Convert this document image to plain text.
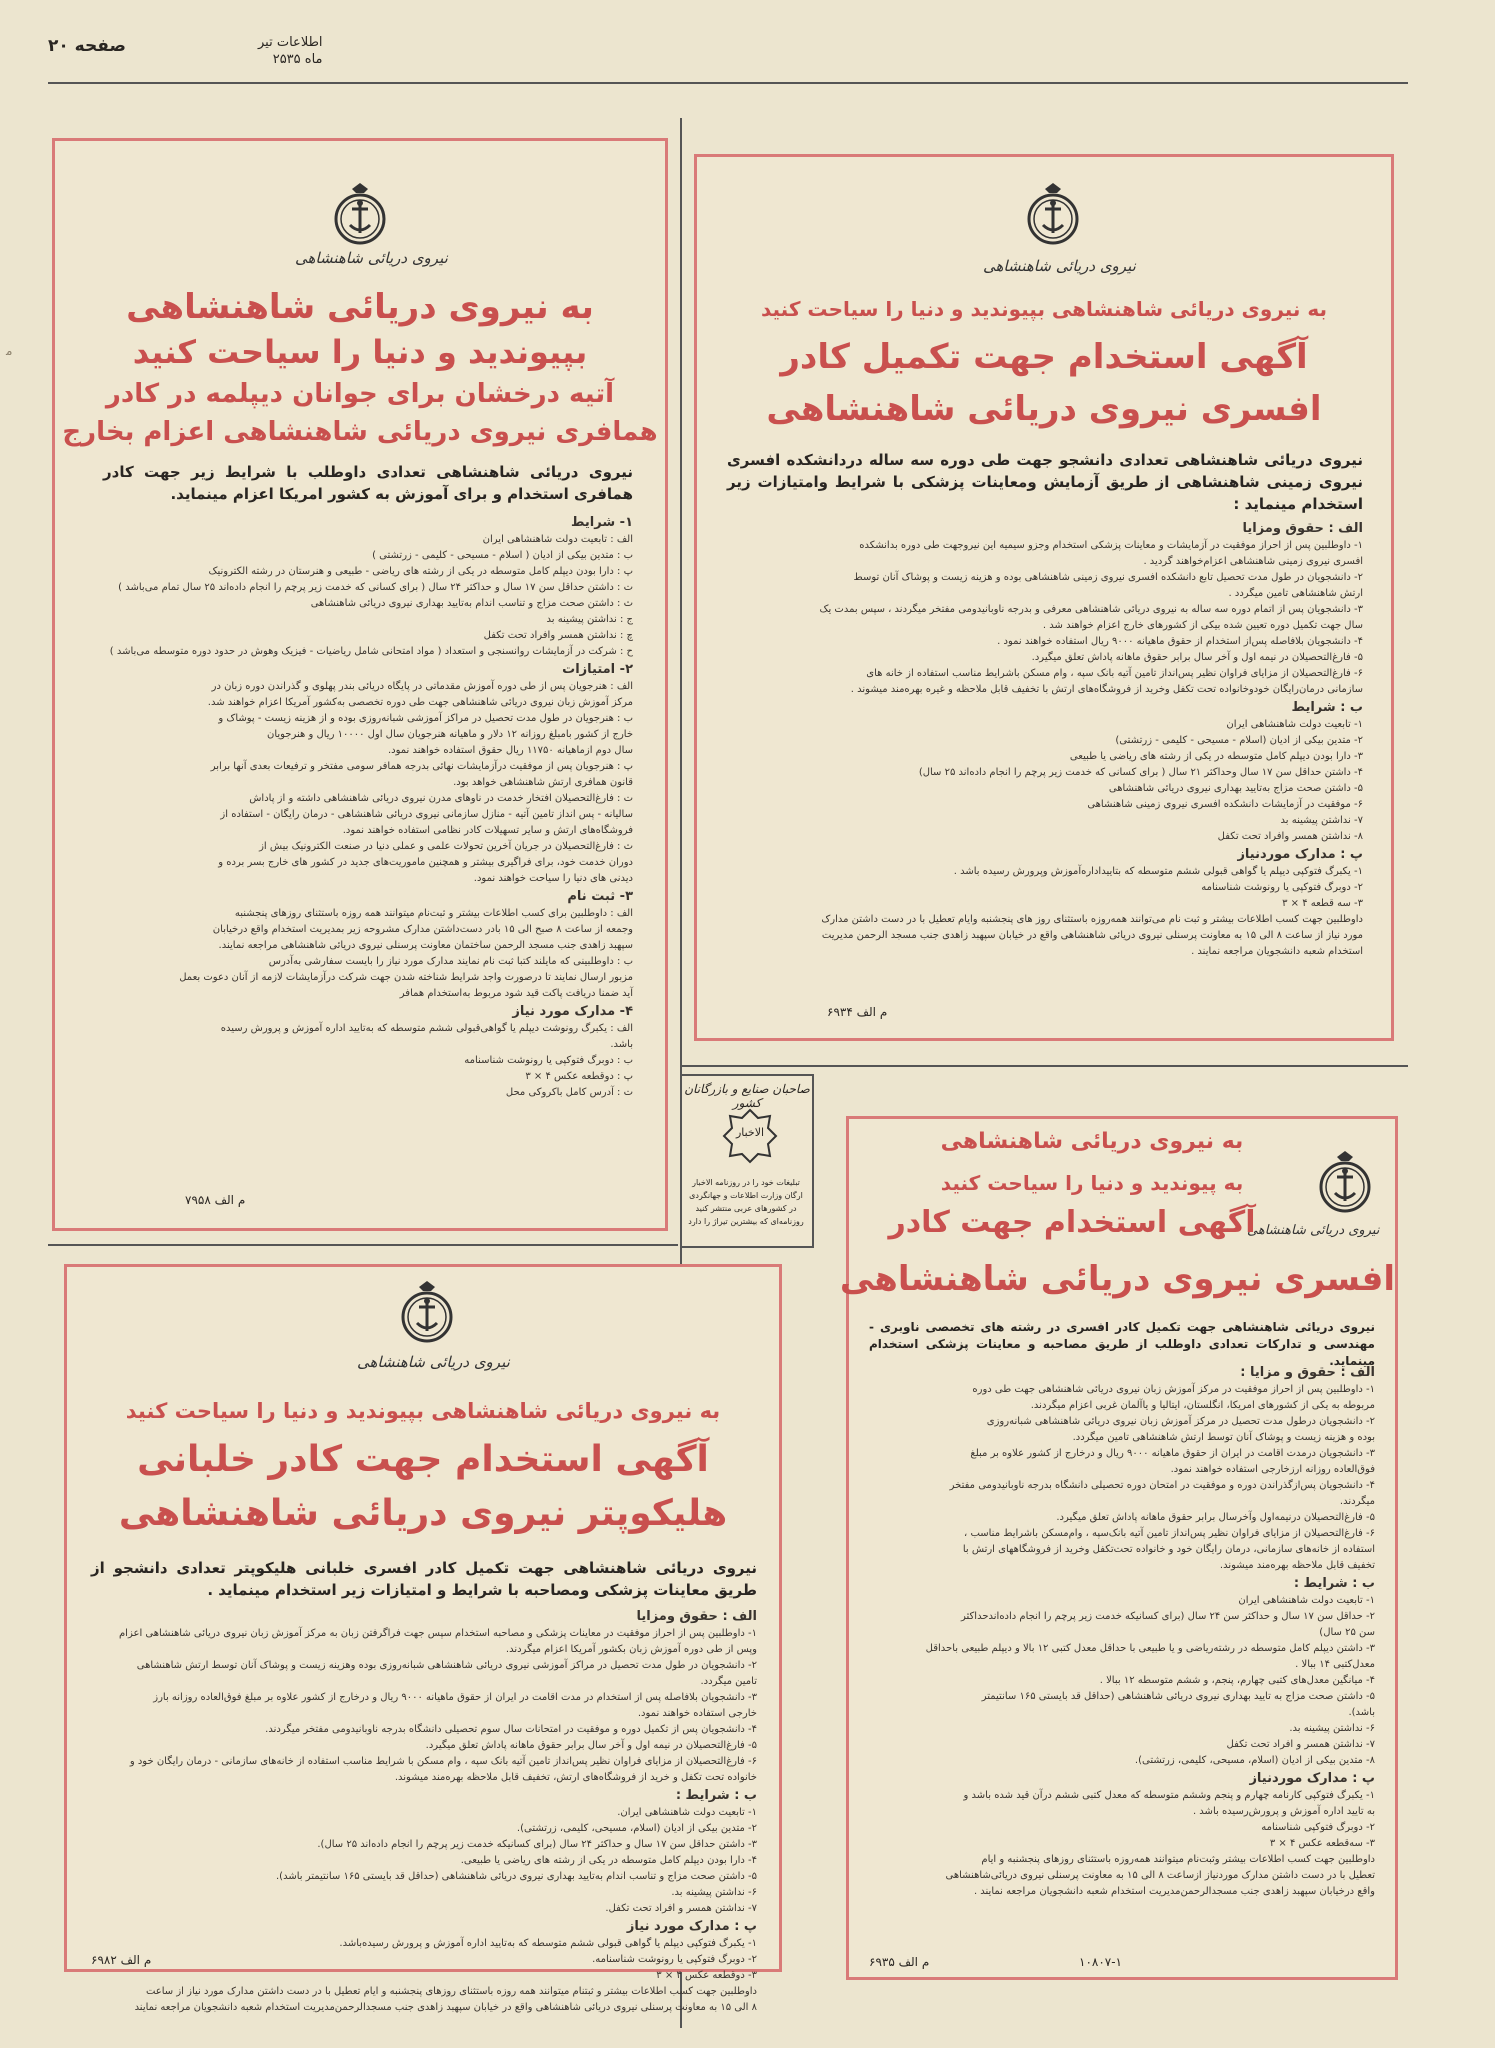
صفحه ۲۰	اطلاعات تیر
ماه ۲۵۳۵
ﻣ
نیروی دریائی شاهنشاهی
به نیروی دریائی شاهنشاهی
بپیوندید و دنیا را سیاحت کنید
آتیه درخشان برای جوانان دیپلمه در کادر
همافری نیروی دریائی شاهنشاهی اعزام بخارج
نیروی دریائی شاهنشاهی تعدادی داوطلب با شرایط زیر جهت کادر همافری استخدام و برای آموزش به کشور امریکا اعزام مینماید.
۱- شرایط
الف : تابعیت دولت شاهنشاهی ایران
ب : متدین بیکی از ادیان ( اسلام - مسیحی - کلیمی - زرتشتی )
پ : دارا بودن دیپلم کامل متوسطه در یکی از رشته های ریاضی - طبیعی و هنرستان در رشته الکترونیک
ت : داشتن حداقل سن ۱۷ سال و حداکثر ۲۴ سال ( برای کسانی که خدمت زیر پرچم را انجام داده‌اند ۲۵ سال تمام می‌باشد )
ث : داشتن صحت مزاج و تناسب اندام به‌تایید بهداری نیروی دریائی شاهنشاهی
ج : نداشتن پیشینه بد
چ : نداشتن همسر وافراد تحت تکفل
ح : شرکت در آزمایشات روانسنجی و استعداد ( مواد امتحانی شامل ریاضیات - فیزیک وهوش در حدود دوره متوسطه می‌باشد )
۲- امتیازات
الف : هنرجویان پس از طی دوره آموزش مقدماتی در پایگاه دریائی بندر پهلوی و گذراندن دوره زبان در
مرکز آموزش زبان نیروی دریائی شاهنشاهی جهت طی دوره تخصصی به‌کشور آمریکا اعزام خواهند شد.
ب : هنرجویان در طول مدت تحصیل در مراکز آموزشی شبانه‌روزی بوده و از هزینه زیست - پوشاک و
خارج از کشور بامبلغ روزانه ۱۲ دلار و ماهیانه هنرجویان سال اول ۱۰۰۰۰ ریال و هنرجویان
سال دوم ازماهیانه ۱۱۷۵۰ ریال حقوق استفاده خواهند نمود.
پ : هنرجویان پس از موفقیت درآزمایشات نهائی بدرجه همافر سومی مفتخر و ترفیعات بعدی آنها برابر
قانون همافری ارتش شاهنشاهی خواهد بود.
ت : فارغ‌التحصیلان افتخار خدمت در ناوهای مدرن نیروی دریائی شاهنشاهی داشته و از پاداش
سالیانه - پس انداز تامین آتیه - منازل سازمانی نیروی دریائی شاهنشاهی - درمان رایگان - استفاده از
فروشگاه‌های ارتش و سایر تسهیلات کادر نظامی استفاده خواهند نمود.
ث : فارغ‌التحصیلان در جریان آخرین تحولات علمی و عملی دنیا در صنعت الکترونیک بیش از
دوران خدمت خود، برای فراگیری بیشتر و همچنین ماموریت‌های جدید در کشور های خارج بسر برده و
دیدنی های دنیا را سیاحت خواهند نمود.
۳- ثبت نام
الف : داوطلبین برای کسب اطلاعات بیشتر و ثبت‌نام میتوانند همه روزه باستثنای روزهای پنجشنبه
وجمعه از ساعت ۸ صبح الی ۱۵ بادر دست‌داشتن مدارک مشروحه زیر بمدیریت استخدام واقع درخیابان
سپهبد زاهدی جنب مسجد الرحمن ساختمان معاونت پرسنلی نیروی دریائی شاهنشاهی مراجعه نمایند.
ب : داوطلبینی که مایلند کتبا ثبت نام نمایند مدارک مورد نیاز را بایست سفارشی به‌آدرس
مزبور ارسال نمایند تا درصورت واجد شرایط شناخته شدن جهت شرکت درآزمایشات لازمه از آنان دعوت بعمل
آید ضمنا دریافت پاکت قید شود مربوط به‌استخدام همافر
۴- مدارک مورد نیاز
الف : یکبرگ رونوشت دیپلم یا گواهی‌قبولی ششم متوسطه که به‌تایید اداره آموزش و پرورش رسیده
باشد.
ب : دوبرگ فتوکپی یا رونوشت شناسنامه
پ : دوقطعه عکس ۴ × ۳
ت : آدرس کامل باکروکی محل
م الف ۷۹۵۸
نیروی دریائی شاهنشاهی
به نیروی دریائی شاهنشاهی بپیوندید و دنیا را سیاحت کنید
آگهی استخدام جهت تکمیل کادر
افسری نیروی دریائی شاهنشاهی
نیروی دریائی شاهنشاهی تعدادی دانشجو جهت طی دوره سه ساله دردانشکده افسری نیروی زمینی شاهنشاهی از طریق آزمایش ومعاینات پزشکی با شرایط وامتیازات زیر استخدام مینماید :
الف : حقوق ومزایا
۱- داوطلبین پس از احراز موفقیت در آزمایشات و معاینات پزشکی استخدام وجزو سیمیه این نیروجهت طی دوره بدانشکده
افسری نیروی زمینی شاهنشاهی اعزام‌خواهند گردید .
۲- دانشجویان در طول مدت تحصیل تابع دانشکده افسری نیروی زمینی شاهنشاهی بوده و هزینه زیست و پوشاک آنان توسط
ارتش شاهنشاهی تامین میگردد .
۳- دانشجویان پس از اتمام دوره سه ساله به نیروی دریائی شاهنشاهی معرفی و بدرجه ناوبانیدومی مفتخر میگردند ، سپس بمدت یک
سال جهت تکمیل دوره تعیین شده بیکی از کشورهای خارج اعزام خواهند شد .
۴- دانشجویان بلافاصله پس‌از استخدام از حقوق ماهیانه ۹۰۰۰ ریال استفاده خواهند نمود .
۵- فارغ‌التحصیلان در نیمه اول و آخر سال برابر حقوق ماهانه پاداش تعلق میگیرد.
۶- فارغ‌التحصیلان از مزایای فراوان نظیر پس‌انداز تامین آتیه بانک سپه ، وام مسکن باشرایط مناسب استفاده از خانه های
سازمانی درمان‌رایگان خودوخانواده تحت تکفل وخرید از فروشگاه‌های ارتش با تخفیف قابل ملاحظه و غیره بهره‌مند میشوند .
ب : شرایط
۱- تابعیت دولت شاهنشاهی ایران
۲- متدین بیکی از ادیان (اسلام - مسیحی - کلیمی - زرتشتی)
۳- دارا بودن دیپلم کامل متوسطه در یکی از رشته های ریاضی یا طبیعی
۴- داشتن حداقل سن ۱۷ سال وحداکثر ۲۱ سال ( برای کسانی که خدمت زیر پرچم را انجام داده‌اند ۲۵ سال)
۵- داشتن صحت مزاج به‌تایید بهداری نیروی دریائی شاهنشاهی
۶- موفقیت در آزمایشات دانشکده افسری نیروی زمینی شاهنشاهی
۷- نداشتن پیشینه بد
۸- نداشتن همسر وافراد تحت تکفل
پ : مدارک مورد‌نیاز
۱- یکبرگ فتوکپی دیپلم یا گواهی قبولی ششم متوسطه که بتایید‌اداره‌آموزش وپرورش رسیده باشد .
۲- دوبرگ فتوکپی یا رونوشت شناسنامه
۳- سه قطعه ۴ × ۳
داوطلبین جهت کسب اطلاعات بیشتر و ثبت نام می‌توانند همه‌روزه باستثنای روز های پنجشنبه وایام تعطیل با در دست داشتن مدارک
مورد نیاز از ساعت ۸ الی ۱۵ به معاونت پرسنلی نیروی دریائی شاهنشاهی واقع در خیابان سپهبد زاهدی جنب مسجد الرحمن مدیریت
استخدام شعبه دانشجویان مراجعه نمایند .
م الف ۶۹۳۴
صاحبان صنایع و بازرگانان کشور
الاخبار
تبلیغات خود را در روزنامه الاخبار
ارگان وزارت اطلاعات و جهانگردی
در کشورهای عربی منتشر کنید
روزنامه‌ای که بیشترین تیراژ را دارد
نیروی دریائی شاهنشاهی
به نیروی دریائی شاهنشاهی بپیوندید و دنیا را سیاحت کنید
آگهی استخدام جهت کادر خلبانی
هلیکوپتر نیروی دریائی شاهنشاهی
نیروی دریائی شاهنشاهی جهت تکمیل کادر افسری خلبانی هلیکوپتر تعدادی دانشجو از طریق معاینات پزشکی ومصاحبه با شرایط و امتیازات زیر استخدام مینماید .
الف : حقوق ومزایا
۱- داوطلبین پس از احراز موفقیت در معاینات پزشکی و مصاحبه استخدام سپس جهت فراگرفتن زبان به مرکز آموزش زبان نیروی دریائی شاهنشاهی اعزام
وپس از طی دوره آموزش زبان بکشور آمریکا اعزام میگردند.
۲- دانشجویان در طول مدت تحصیل در مراکز آموزشی نیروی دریائی شاهنشاهی شبانه‌روزی بوده وهزینه زیست و پوشاک آنان توسط ارتش شاهنشاهی
تامین میگردد.
۳- دانشجویان بلافاصله پس از استخدام در مدت اقامت در ایران از حقوق ماهیانه ۹۰۰۰ ریال و درخارج از کشور علاوه بر مبلغ فوق‌العاده روزانه بارز
خارجی استفاده خواهند نمود.
۴- دانشجویان پس از تکمیل دوره و موفقیت در امتحانات سال سوم تحصیلی دانشگاه بدرجه ناوبانیدومی مفتخر میگردند.
۵- فارغ‌التحصیلان در نیمه اول و آخر سال برابر حقوق ماهانه پاداش تعلق میگیرد.
۶- فارغ‌التحصیلان از مزایای فراوان نظیر پس‌انداز تامین آتیه بانک سپه ، وام مسکن با شرایط مناسب استفاده از خانه‌های سازمانی - درمان رایگان خود و
خانواده تحت تکفل و خرید از فروشگاه‌های ارتش، تخفیف قابل ملاحظه بهره‌مند میشوند.
ب : شرایط :
۱- تابعیت دولت شاهنشاهی ایران.
۲- متدین بیکی از ادیان (اسلام، مسیحی، کلیمی، زرتشتی).
۳- داشتن حداقل سن ۱۷ سال و حداکثر ۲۴ سال (برای کسانیکه خدمت زیر پرچم را انجام داده‌اند ۲۵ سال).
۴- دارا بودن دیپلم کامل متوسطه در یکی از رشته های ریاضی یا طبیعی.
۵- داشتن صحت مزاج و تناسب اندام به‌تایید بهداری نیروی دریائی شاهنشاهی (حداقل قد بایستی ۱۶۵ سانتیمتر باشد).
۶- نداشتن پیشینه بد.
۷- نداشتن همسر و افراد تحت تکفل.
پ : مدارک مورد نیاز
۱- یکبرگ فتوکپی دیپلم یا گواهی قبولی ششم متوسطه که به‌تایید اداره آموزش و پرورش رسیده‌باشد.
۲- دوبرگ فتوکپی یا رونوشت شناسنامه.
۳- دوقطعه عکس ۴ × ۳
داوطلبین جهت کسب اطلاعات بیشتر و ثبتنام میتوانند همه روزه باستثنای روزهای پنجشنبه و ایام تعطیل با در دست داشتن مدارک مورد نیاز از ساعت
۸ الی ۱۵ به معاونت پرسنلی نیروی دریائی شاهنشاهی واقع در خیابان سپهبد زاهدی جنب مسجدالرحمن‌مدیریت استخدام شعبه دانشجویان مراجعه نمایند
م الف ۶۹۸۲
نیروی دریائی شاهنشاهی
به نیروی دریائی شاهنشاهی
به پیوندید و دنیا را سیاحت کنید
آگهی استخدام جهت کادر
افسری نیروی دریائی شاهنشاهی
نیروی دریائی شاهنشاهی جهت تکمیل کادر افسری در رشته های تخصصی ناوبری - مهندسی و تدارکات تعدادی داوطلب از طریق مصاحبه و معاینات پزشکی استخدام مینماید.
الف : حقوق و مزایا :
۱- داوطلبین پس از احراز موفقیت در مرکز آموزش زبان نیروی دریائی شاهنشاهی جهت طی دوره
مربوطه به یکی از کشورهای امریکا، انگلستان، ایتالیا و یاآلمان غربی اعزام میگردند.
۲- دانشجویان درطول مدت تحصیل در مرکز آموزش زبان نیروی دریائی شاهنشاهی شبانه‌روزی
بوده و هزینه زیست و پوشاک آنان توسط ارتش شاهنشاهی تامین میگردد.
۳- دانشجویان درمدت اقامت در ایران از حقوق ماهیانه ۹۰۰۰ ریال و درخارج از کشور علاوه بر مبلغ
فوق‌العاده روزانه ارزخارجی استفاده خواهند نمود.
۴- دانشجویان پس‌ازگذراندن دوره و موفقیت در امتحان دوره تحصیلی دانشگاه بدرجه ناوبانیدومی مفتخر
میگردند.
۵- فارغ‌التحصیلان درنیمه‌اول وآخرسال برابر حقوق ماهانه پاداش تعلق میگیرد.
۶- فارغ‌التحصیلان از مزایای فراوان نظیر پس‌انداز تامین آتیه بانک‌سپه ، وام‌مسکن باشرایط مناسب ،
استفاده از خانه‌های سازمانی، درمان رایگان خود و خانواده تحت‌تکفل وخرید از فروشگاههای ارتش با
تخفیف قابل ملاحظه بهره‌مند میشوند.
ب : شرایط :
۱- تابعیت دولت شاهنشاهی ایران
۲- حداقل سن ۱۷ سال و حداکثر سن ۲۴ سال (برای کسانیکه خدمت زیر پرچم را انجام داده‌اندحداکثر
سن ۲۵ سال)
۳- داشتن دیپلم کامل متوسطه در رشته‌ریاضی و یا طبیعی با حداقل معدل کتبی ۱۲ بالا و دیپلم طبیعی باحداقل
معدل‌کتبی ۱۴ ببالا .
۴- میانگین معدل‌های کتبی چهارم، پنجم، و ششم متوسطه ۱۲ ببالا .
۵- داشتن صحت مزاج به تایید بهداری نیروی دریائی شاهنشاهی (حداقل قد بایستی ۱۶۵ سانتیمتر
باشد).
۶- نداشتن پیشینه بد.
۷- نداشتن همسر و افراد تحت تکفل
۸- متدین بیکی از ادیان (اسلام، مسیحی، کلیمی، زرتشتی).
پ : مدارک موردنیاز
۱- یکبرگ فتوکپی کارنامه چهارم و پنجم وششم متوسطه که معدل کتبی ششم درآن قید شده باشد و
به تایید اداره آموزش و پرورش‌رسیده باشد .
۲- دوبرگ فتوکپی شناسنامه
۳- سه‌قطعه عکس ۴ × ۳
داوطلبین جهت کسب اطلاعات بیشتر وثبت‌نام میتوانند همه‌روزه باستثنای روزهای پنجشنبه و ایام
تعطیل با در دست داشتن مدارک موردنیاز ازساعت ۸ الی ۱۵ به معاونت پرسنلی نیروی دریائی‌شاهنشاهی
واقع درخیابان سپهبد زاهدی جنب مسجدالرحمن‌مدیریت استخدام شعبه دانشجویان مراجعه نمایند .
م الف ۶۹۳۵	۱۰۸۰۷-۱
